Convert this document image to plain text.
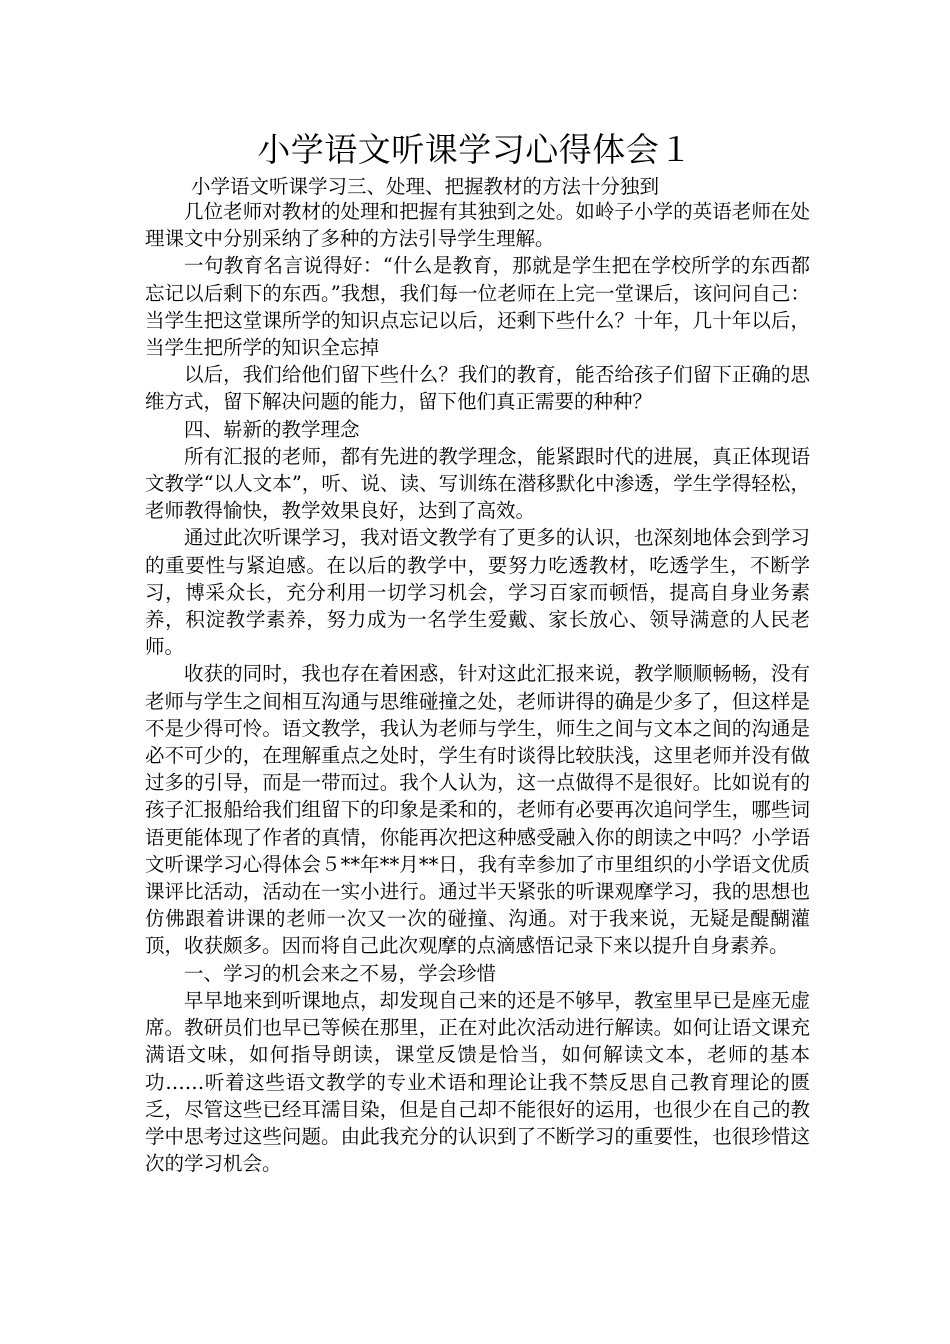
小学语文听课学习心得体会１
小学语文听课学习三、处理、把握教材的方法十分独到

几位老师对教材的处理和把握有其独到之处。如岭子小学的英语老师在处理课文中分别采纳了多种的方法引导学生理解。

一句教育名言说得好：“什么是教育，那就是学生把在学校所学的东西都忘记以后剩下的东西。”我想，我们每一位老师在上完一堂课后，该问问自己：当学生把这堂课所学的知识点忘记以后，还剩下些什么？十年，几十年以后，当学生把所学的知识全忘掉

以后，我们给他们留下些什么？我们的教育，能否给孩子们留下正确的思维方式，留下解决问题的能力，留下他们真正需要的种种？

四、崭新的教学理念

所有汇报的老师，都有先进的教学理念，能紧跟时代的进展，真正体现语文教学“以人文本”，听、说、读、写训练在潜移默化中渗透，学生学得轻松，老师教得愉快，教学效果良好，达到了高效。

通过此次听课学习，我对语文教学有了更多的认识，也深刻地体会到学习的重要性与紧迫感。在以后的教学中，要努力吃透教材，吃透学生，不断学习，博采众长，充分利用一切学习机会，学习百家而顿悟，提高自身业务素养，积淀教学素养，努力成为一名学生爱戴、家长放心、领导满意的人民老师。

收获的同时，我也存在着困惑，针对这此汇报来说，教学顺顺畅畅，没有老师与学生之间相互沟通与思维碰撞之处，老师讲得的确是少多了，但这样是不是少得可怜。语文教学，我认为老师与学生，师生之间与文本之间的沟通是必不可少的，在理解重点之处时，学生有时谈得比较肤浅，这里老师并没有做过多的引导，而是一带而过。我个人认为，这一点做得不是很好。比如说有的孩子汇报船给我们组留下的印象是柔和的，老师有必要再次追问学生，哪些词语更能体现了作者的真情，你能再次把这种感受融入你的朗读之中吗？小学语文听课学习心得体会５**年**月**日，我有幸参加了市里组织的小学语文优质课评比活动，活动在一实小进行。通过半天紧张的听课观摩学习，我的思想也仿佛跟着讲课的老师一次又一次的碰撞、沟通。对于我来说，无疑是醍醐灌顶，收获颇多。因而将自己此次观摩的点滴感悟记录下来以提升自身素养。

一、学习的机会来之不易，学会珍惜

早早地来到听课地点，却发现自己来的还是不够早，教室里早已是座无虚席。教研员们也早已等候在那里，正在对此次活动进行解读。如何让语文课充满语文味，如何指导朗读，课堂反馈是恰当，如何解读文本，老师的基本功……听着这些语文教学的专业术语和理论让我不禁反思自己教育理论的匮乏，尽管这些已经耳濡目染，但是自己却不能很好的运用，也很少在自己的教学中思考过这些问题。由此我充分的认识到了不断学习的重要性，也很珍惜这次的学习机会。
